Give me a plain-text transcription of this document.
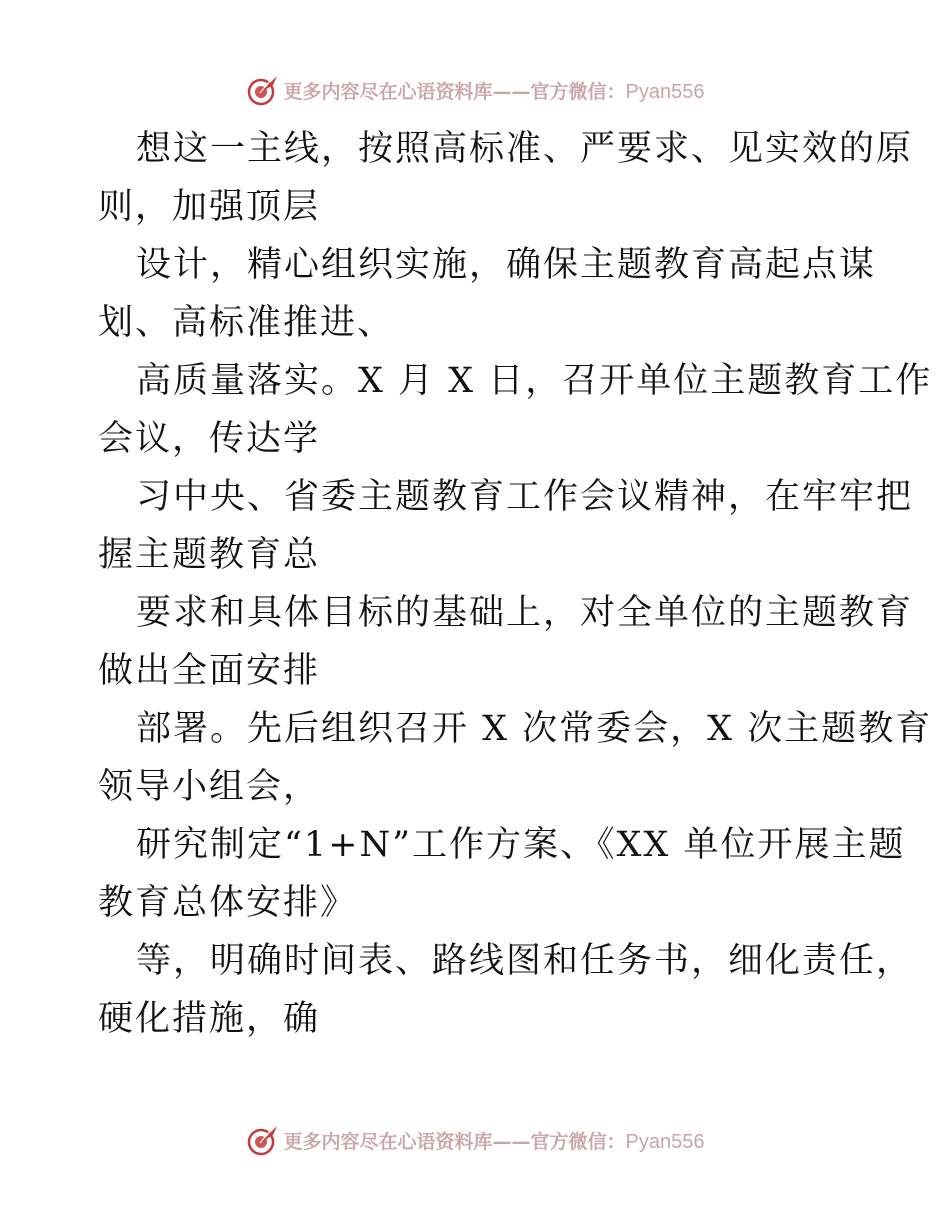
更多内容尽在心语资料库——官方微信：Pyan556
想这一主线，按照高标准、严要求、见实效的原
则，加强顶层
设计，精心组织实施，确保主题教育高起点谋
划、高标准推进、
高质量落实。X 月 X 日，召开单位主题教育工作
会议，传达学
习中央、省委主题教育工作会议精神，在牢牢把
握主题教育总
要求和具体目标的基础上，对全单位的主题教育
做出全面安排
部署。先后组织召开 X 次常委会，X 次主题教育
领导小组会，
研究制定“1+N”工作方案、《XX 单位开展主题
教育总体安排》
等，明确时间表、路线图和任务书，细化责任，
硬化措施，确
更多内容尽在心语资料库——官方微信：Pyan556
